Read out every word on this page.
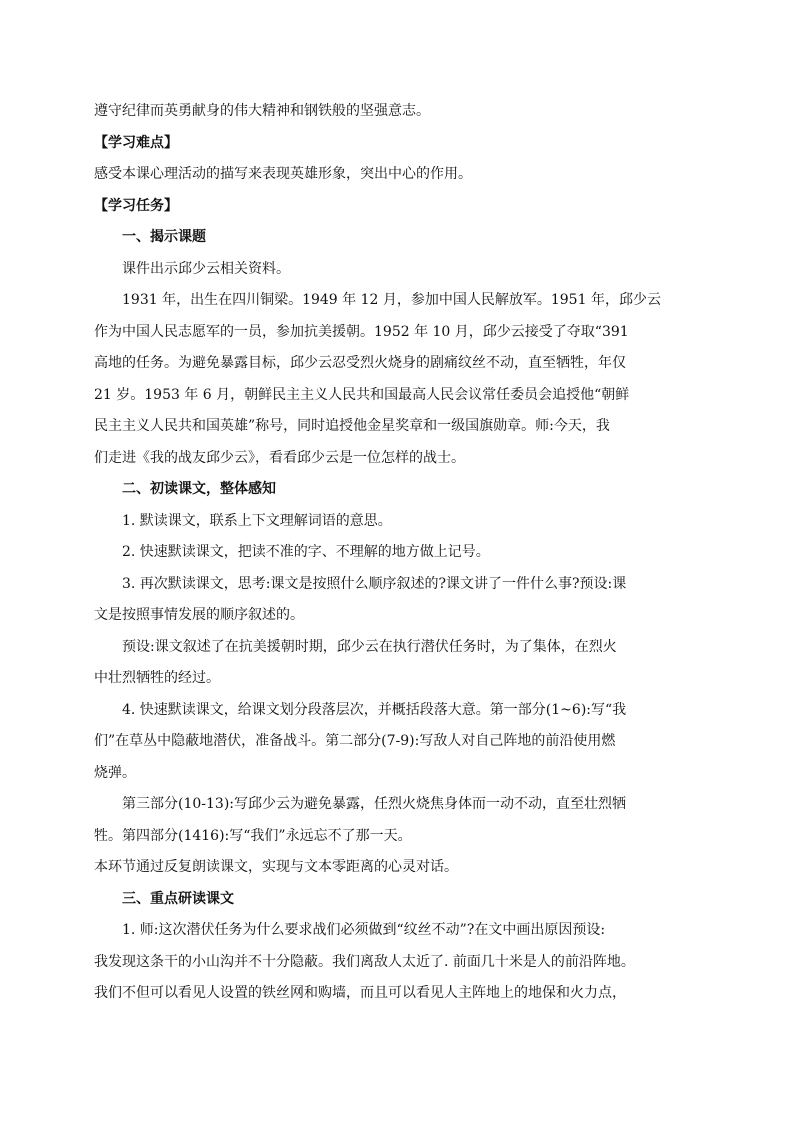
遵守纪律而英勇献身的伟大精神和钢铁般的坚强意志。
【学习难点】
感受本课心理活动的描写来表现英雄形象，突出中心的作用。
【学习任务】
一、揭示课题
课件出示邱少云相关资料。
1931 年，出生在四川铜梁。1949 年 12 月，参加中国人民解放军。1951 年，邱少云
作为中国人民志愿军的一员，参加抗美援朝。1952 年 10 月，邱少云接受了夺取“391
高地的任务。为避免暴露目标，邱少云忍受烈火烧身的剧痛纹丝不动，直至牺牲，年仅
21 岁。1953 年 6 月，朝鲜民主主义人民共和国最高人民会议常任委员会追授他“朝鲜
民主主义人民共和国英雄”称号，同时追授他金星奖章和一级国旗勋章。师:今天，我
们走进《我的战友邱少云》，看看邱少云是一位怎样的战士。
二、初读课文，整体感知
1. 默读课文，联系上下文理解词语的意思。
2. 快速默读课文，把读不准的字、不理解的地方做上记号。
3. 再次默读课文，思考:课文是按照什么顺序叙述的?课文讲了一件什么事?预设:课
文是按照事情发展的顺序叙述的。
预设:课文叙述了在抗美援朝时期，邱少云在执行潜伏任务时，为了集体，在烈火
中壮烈牺牲的经过。
4. 快速默读课文，给课文划分段落层次，并概括段落大意。第一部分(1~6):写“我
们”在草丛中隐蔽地潜伏，准备战斗。第二部分(7-9):写敌人对自己阵地的前沿使用燃
烧弹。
第三部分(10-13):写邱少云为避免暴露，任烈火烧焦身体而一动不动，直至壮烈牺
牲。第四部分(1416):写“我们”永远忘不了那一天。
本环节通过反复朗读课文，实现与文本零距离的心灵对话。
三、重点研读课文
1. 师:这次潜伏任务为什么要求战们必须做到“纹丝不动”?在文中画出原因预设:
我发现这条干的小山沟并不十分隐蔽。我们离敌人太近了. 前面几十米是人的前沿阵地。
我们不但可以看见人设置的铁丝网和购墙，而且可以看见人主阵地上的地保和火力点，
